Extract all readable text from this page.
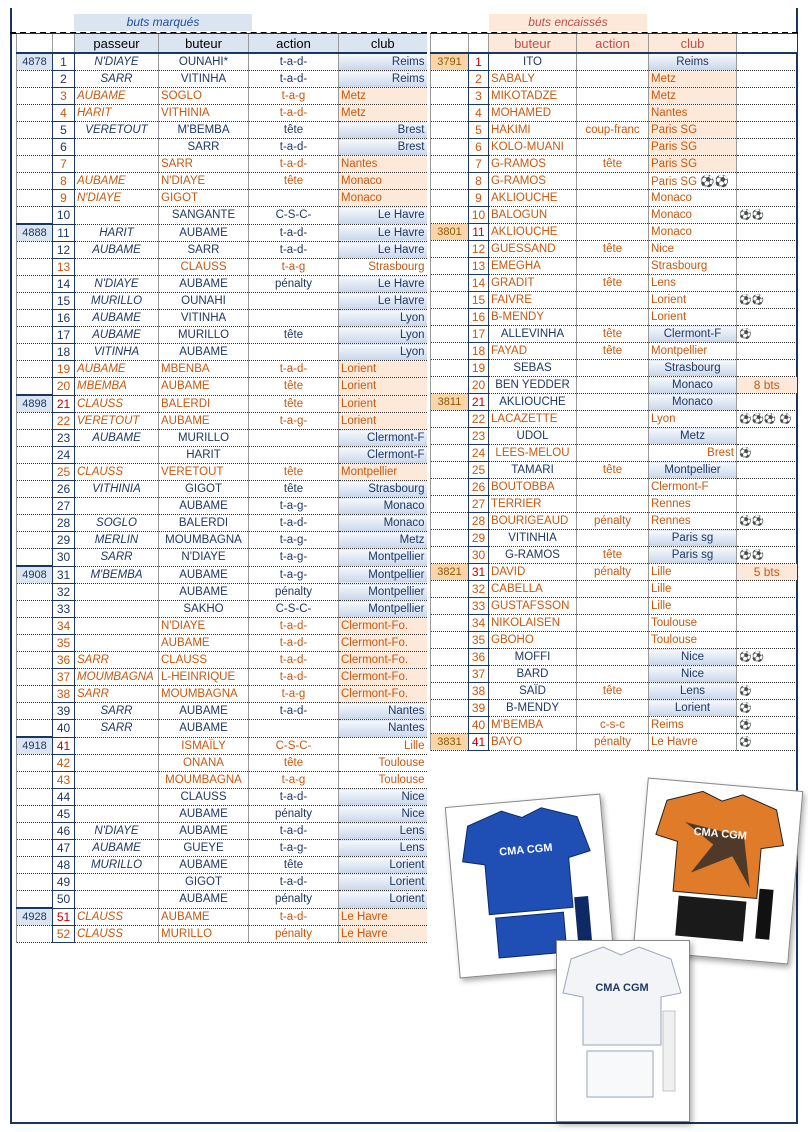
buts marqués	buts encaissés
		passeur	buteur	action	club
4878	1	N'DIAYE	OUNAHI*	t-a-d-	Reims
	2	SARR	VITINHA	t-a-d-	Reims
	3	AUBAME	SOGLO	t-a-g	Metz
	4	HARIT	VITHINIA	t-a-d-	Metz
	5	VERETOUT	M'BEMBA	tête	Brest
	6		SARR	t-a-d-	Brest
	7		SARR	t-a-d-	Nantes
	8	AUBAME	N'DIAYE	tête	Monaco
	9	N'DIAYE	GIGOT		Monaco
	10		SANGANTE	C-S-C-	Le Havre
4888	11	HARIT	AUBAME	t-a-d-	Le Havre
	12	AUBAME	SARR	t-a-d-	Le Havre
	13		CLAUSS	t-a-g	Strasbourg
	14	N'DIAYE	AUBAME	pénalty	Le Havre
	15	MURILLO	OUNAHI		Le Havre
	16	AUBAME	VITINHA		Lyon
	17	AUBAME	MURILLO	tête	Lyon
	18	VITINHA	AUBAME		Lyon
	19	AUBAME	MBENBA	t-a-d-	Lorient
	20	MBEMBA	AUBAME	tête	Lorient
4898	21	CLAUSS	BALERDI	tête	Lorient
	22	VERETOUT	AUBAME	t-a-g-	Lorient
	23	AUBAME	MURILLO		Clermont-F
	24		HARIT		Clermont-F
	25	CLAUSS	VERETOUT	tête	Montpellier
	26	VITHINIA	GIGOT	tête	Strasbourg
	27		AUBAME	t-a-g-	Monaco
	28	SOGLO	BALERDI	t-a-d-	Monaco
	29	MERLIN	MOUMBAGNA	t-a-g-	Metz
	30	SARR	N'DIAYE	t-a-g-	Montpellier
4908	31	M'BEMBA	AUBAME	t-a-g-	Montpellier
	32		AUBAME	pénalty	Montpellier
	33		SAKHO	C-S-C-	Montpellier
	34		N'DIAYE	t-a-d-	Clermont-Fo.
	35		AUBAME	t-a-d-	Clermont-Fo.
	36	SARR	CLAUSS	t-a-d-	Clermont-Fo.
	37	MOUMBAGNA	L-HEINRIQUE	t-a-d-	Clermont-Fo.
	38	SARR	MOUMBAGNA	t-a-g	Clermont-Fo.
	39	SARR	AUBAME	t-a-d-	Nantes
	40	SARR	AUBAME		Nantes
4918	41		ISMAÏLY	C-S-C-	Lille
	42		ONANA	tête	Toulouse
	43		MOUMBAGNA	t-a-g	Toulouse
	44		CLAUSS	t-a-d-	Nice
	45		AUBAME	pénalty	Nice
	46	N'DIAYE	AUBAME	t-a-d-	Lens
	47	AUBAME	GUEYE	t-a-g-	Lens
	48	MURILLO	AUBAME	tête	Lorient
	49		GIGOT	t-a-d-	Lorient
	50		AUBAME	pénalty	Lorient
4928	51	CLAUSS	AUBAME	t-a-d-	Le Havre
	52	CLAUSS	MURILLO	pénalty	Le Havre
		buteur	action	club	
3791	1	ITO		Reims	
	2	SABALY		Metz	
	3	MIKOTADZE		Metz	
	4	MOHAMED		Nantes	
	5	HAKIMI	coup-franc	Paris SG	
	6	KOLO-MUANI		Paris SG	
	7	G-RAMOS	tête	Paris SG	
	8	G-RAMOS		Paris SG ⚽⚽	
	9	AKLIOUCHE		Monaco	
	10	BALOGUN		Monaco	⚽⚽
3801	11	AKLIOUCHE		Monaco	
	12	GUESSAND	tête	Nice	
	13	EMEGHA		Strasbourg	
	14	GRADIT	tête	Lens	
	15	FAIVRE		Lorient	⚽⚽
	16	B-MENDY		Lorient	
	17	ALLEVINHA	tête	Clermont-F	⚽
	18	FAYAD	tête	Montpellier	
	19	SEBAS		Strasbourg	
	20	BEN YEDDER		Monaco	8 bts
3811	21	AKLIOUCHE		Monaco	
	22	LACAZETTE		Lyon	⚽⚽⚽ ⚽
	23	UDOL		Metz	
	24	LEES-MELOU		Brest	⚽
	25	TAMARI	tête	Montpellier	
	26	BOUTOBBA		Clermont-F	
	27	TERRIER		Rennes	
	28	BOURIGEAUD	pénalty	Rennes	⚽⚽
	29	VITINHIA		Paris sg	
	30	G-RAMOS	tête	Paris sg	⚽⚽
3821	31	DAVID	pénalty	Lille	5 bts
	32	CABELLA		Lille	
	33	GUSTAFSSON		Lille	
	34	NIKOLAISEN		Toulouse	
	35	GBOHO		Toulouse	
	36	MOFFI		Nice	⚽⚽
	37	BARD		Nice	
	38	SAÏD	tête	Lens	⚽
	39	B-MENDY		Lorient	⚽
	40	M'BEMBA	c-s-c	Reims	⚽
3831	41	BAYO	pénalty	Le Havre	⚽
CMA CGM
CMA CGM
CMA CGM
